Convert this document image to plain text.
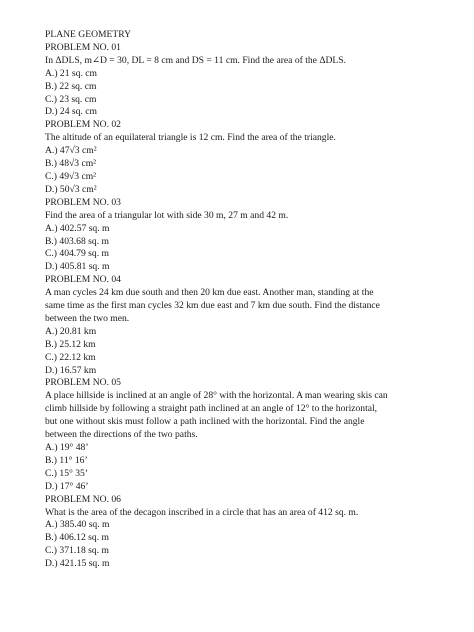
PLANE GEOMETRY

PROBLEM NO. 01

In ΔDLS, m∠D = 30, DL = 8 cm and DS = 11 cm. Find the area of the ΔDLS.

A.) 21 sq. cm

B.) 22 sq. cm

C.) 23 sq. cm

D.) 24 sq. cm

PROBLEM NO. 02

The altitude of an equilateral triangle is 12 cm. Find the area of the triangle.

A.) 47√3 cm²

B.) 48√3 cm²

C.) 49√3 cm²

D.) 50√3 cm²

PROBLEM NO. 03

Find the area of a triangular lot with side 30 m, 27 m and 42 m.

A.) 402.57 sq. m

B.) 403.68 sq. m

C.) 404.79 sq. m

D.) 405.81 sq. m

PROBLEM NO. 04

A man cycles 24 km due south and then 20 km due east. Another man, standing at the

same time as the first man cycles 32 km due east and 7 km due south. Find the distance

between the two men.

A.) 20.81 km

B.) 25.12 km

C.) 22.12 km

D.) 16.57 km

PROBLEM NO. 05

A place hillside is inclined at an angle of 28° with the horizontal. A man wearing skis can

climb hillside by following a straight path inclined at an angle of 12° to the horizontal,

but one without skis must follow a path inclined with the horizontal. Find the angle

between the directions of the two paths.

A.) 19° 48’

B.) 11° 16’

C.) 15° 35’

D.) 17° 46’

PROBLEM NO. 06

What is the area of the decagon inscribed in a circle that has an area of 412 sq. m.

A.) 385.40 sq. m

B.) 406.12 sq. m

C.) 371.18 sq. m

D.) 421.15 sq. m
